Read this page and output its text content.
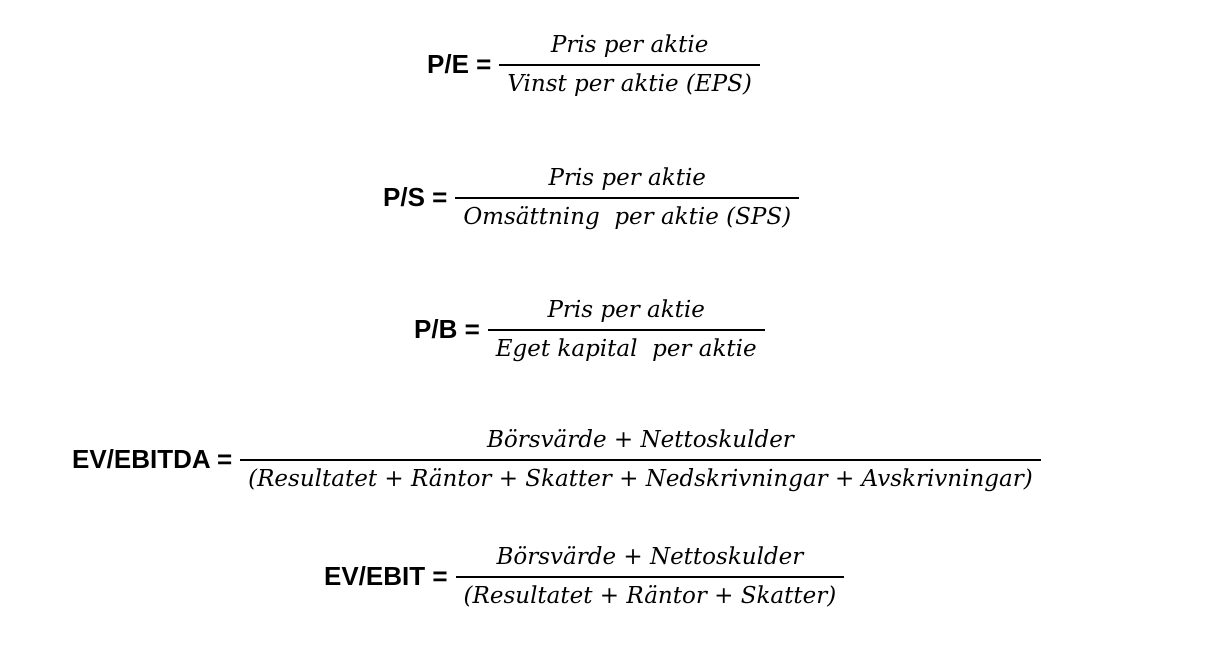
$P/E = \frac{\text{Pris per aktie}}{\text{Vinst per aktie (EPS)}}$
$P/S = \frac{\text{Pris per aktie}}{\text{Omsättning  per aktie (SPS)}}$
$P/B = \frac{\text{Pris per aktie}}{\text{Eget kapital  per aktie}}$
EV/EBITDA =
Börsvärde + Nettoskulder
(Resultatet + Räntor + Skatter + Nedskrivningar + Avskrivningar)
EV/EBIT = $\frac{\text{Börsvärde + Nettoskulder}}{\text{(Resultatet + Räntor + Skatter)}}$
